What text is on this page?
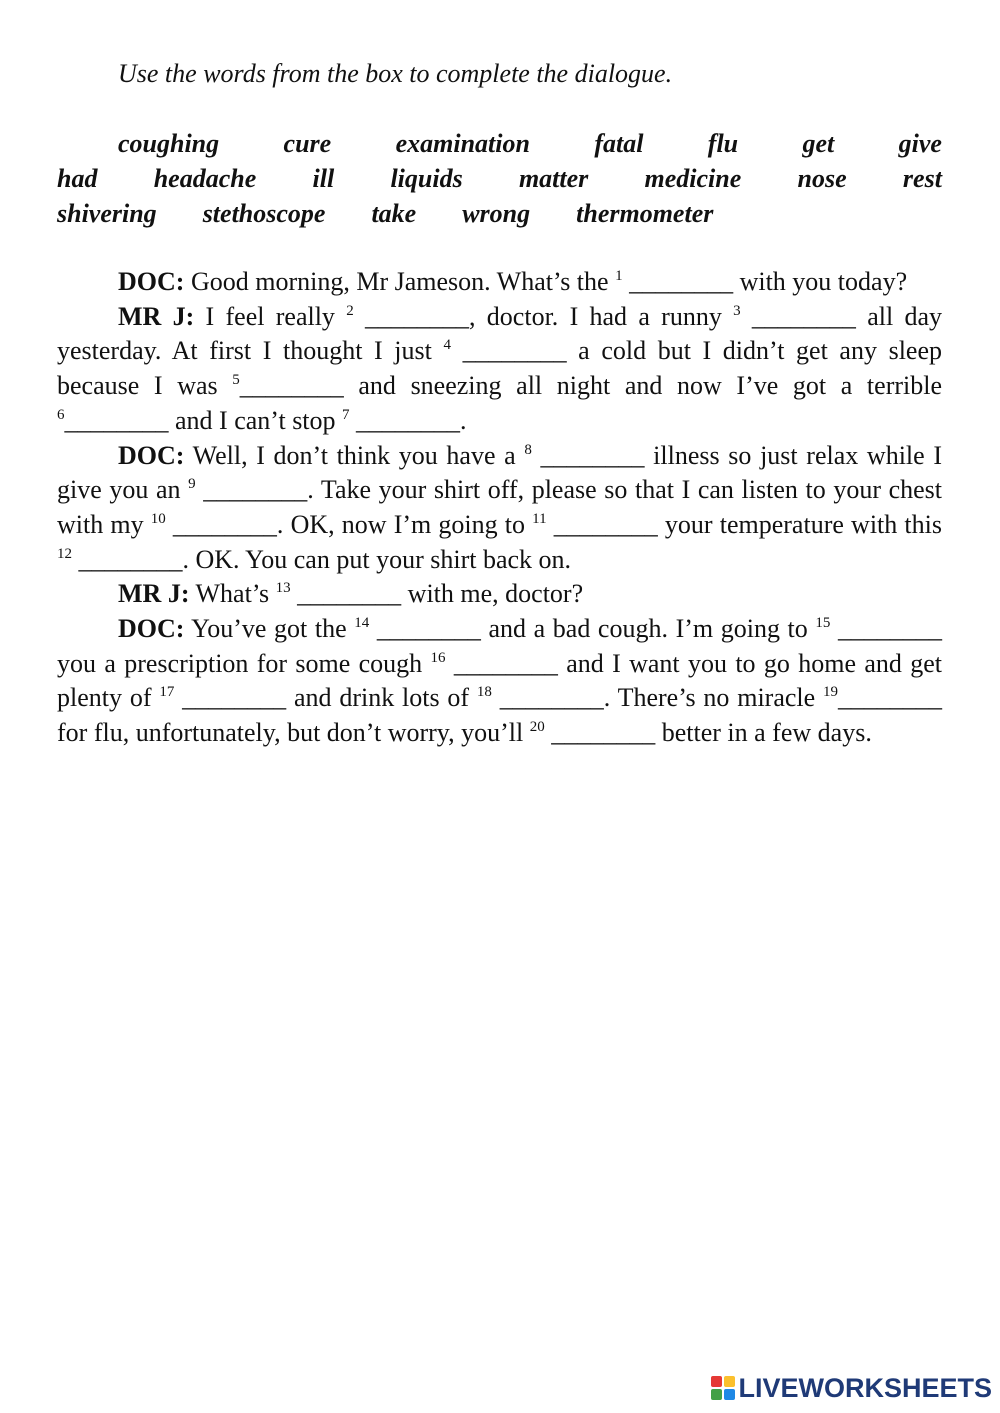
Use the words from the box to complete the dialogue.

coughing cure examination fatal flu get give
had headache ill liquids matter medicine nose rest
shivering stethoscope take wrong thermometer

DOC: Good morning, Mr Jameson. What’s the $^1$ ________ with you today?

MR J: I feel really $^2$ ________, doctor. I had a runny $^3$ ________ all day yesterday. At first I thought I just $^4$ ________ a cold but I didn’t get any sleep because I was $^5$________ and sneezing all night and now I’ve got a terrible $^6$________ and I can’t stop $^7$ ________.

DOC: Well, I don’t think you have a $^8$ ________ illness so just relax while I give you an $^9$ ________. Take your shirt off, please so that I can listen to your chest with my $^{10}$ ________. OK, now I’m going to $^{11}$ ________ your temperature with this $^{12}$ ________. OK. You can put your shirt back on.

MR J: What’s $^{13}$ ________ with me, doctor?

DOC: You’ve got the $^{14}$ ________ and a bad cough. I’m going to $^{15}$ ________ you a prescription for some cough $^{16}$ ________ and I want you to go home and get plenty of $^{17}$ ________ and drink lots of $^{18}$ ________. There’s no miracle $^{19}$________ for flu, unfortunately, but don’t worry, you’ll $^{20}$ ________ better in a few days.

LIVEWORKSHEETS
